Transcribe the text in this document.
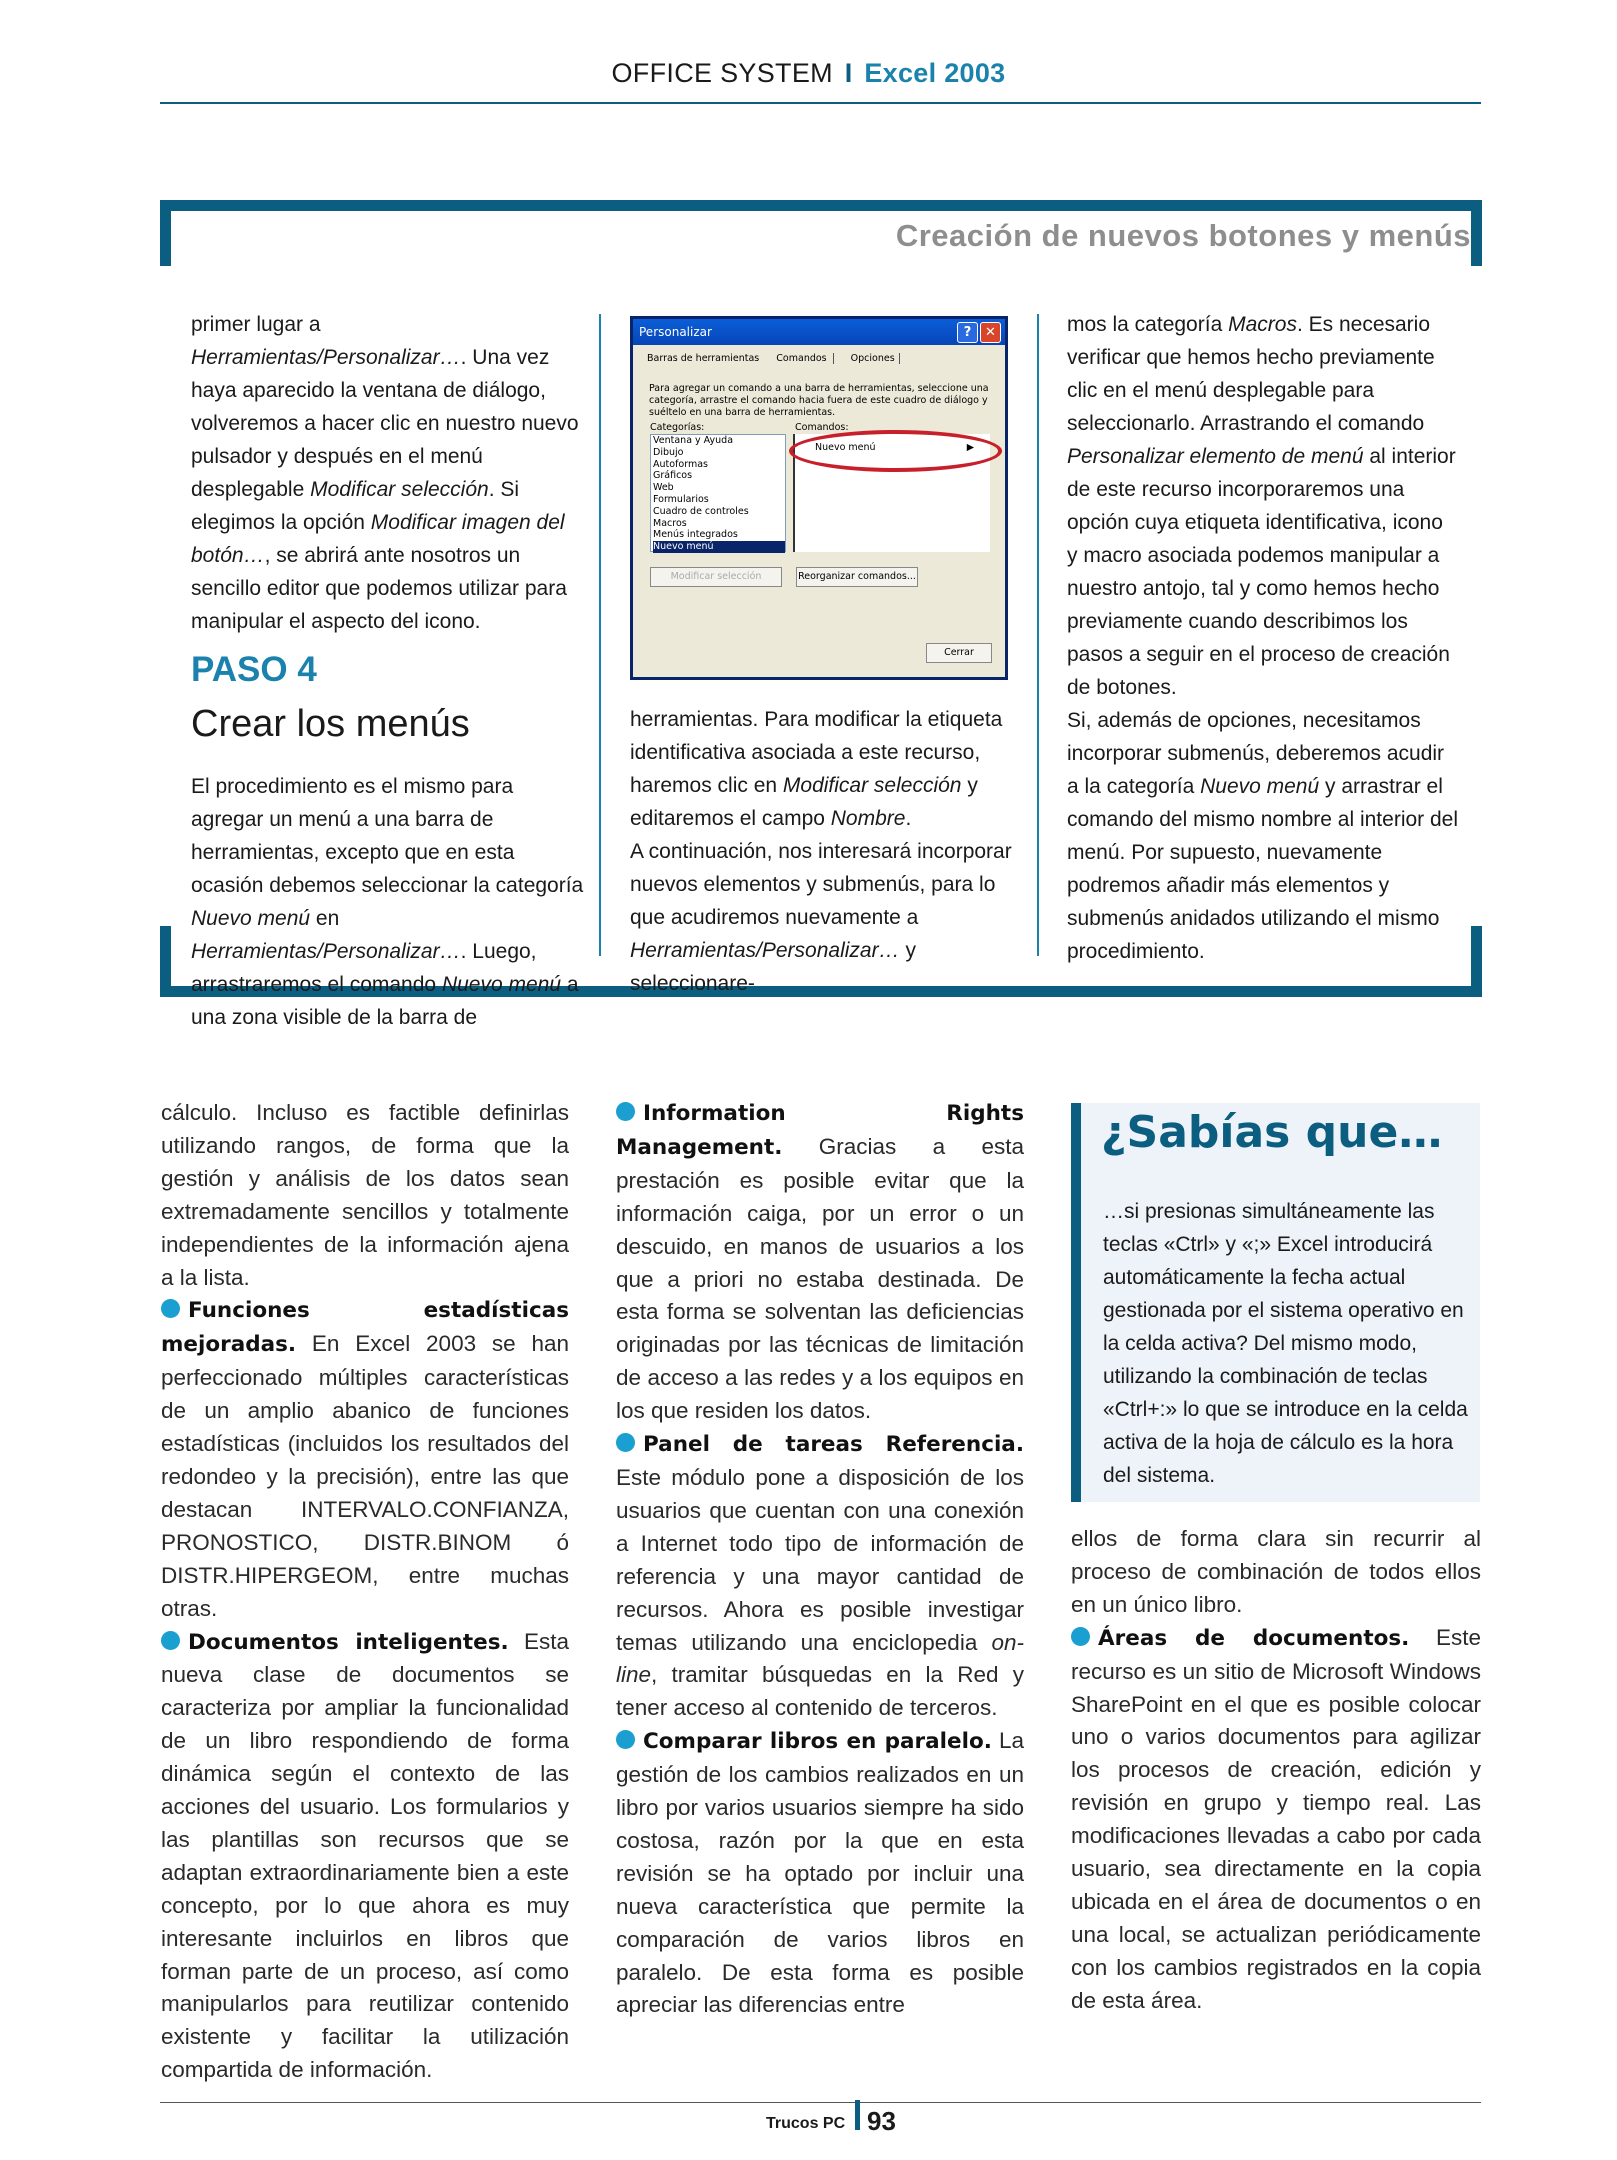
OFFICE SYSTEM I Excel 2003
Creación de nuevos botones y menús

primer lugar a Herramientas/Personalizar…. Una vez haya aparecido la ventana de diálogo, volveremos a hacer clic en nuestro nuevo pulsador y después en el menú desplegable Modificar selección. Si elegimos la opción Modificar imagen del botón…, se abrirá ante nosotros un sencillo editor que podemos utilizar para manipular el aspecto del icono.

PASO 4
Crear los menús

El procedimiento es el mismo para agregar un menú a una barra de herramientas, excepto que en esta ocasión debemos seleccionar la categoría Nuevo menú en Herramientas/Personalizar…. Luego, arrastraremos el comando Nuevo menú a una zona visible de la barra de

Personalizar	?	✕
Barras de herramientas Comandos	Opciones
Para agregar un comando a una barra de herramientas, seleccione una categoría, arrastre el comando hacia fuera de este cuadro de diálogo y suéltelo en una barra de herramientas.
Categorías:	Comandos:
Ventana y Ayuda
Dibujo
Autoformas
Gráficos
Web
Formularios
Cuadro de controles
Macros
Menús integrados
Nuevo menú
Nuevo menú	▶
Modificar selección	Reorganizar comandos...
Cerrar

herramientas. Para modificar la etiqueta identificativa asociada a este recurso, haremos clic en Modificar selección y editaremos el campo Nombre.

A continuación, nos interesará incorporar nuevos elementos y submenús, para lo que acudiremos nuevamente a Herramientas/Personalizar… y seleccionare-

mos la categoría Macros. Es necesario verificar que hemos hecho previamente clic en el menú desplegable para seleccionarlo. Arrastrando el comando Personalizar elemento de menú al interior de este recurso incorporaremos una opción cuya etiqueta identificativa, icono y macro asociada podemos manipular a nuestro antojo, tal y como hemos hecho previamente cuando describimos los pasos a seguir en el proceso de creación de botones.

Si, además de opciones, necesitamos incorporar submenús, deberemos acudir a la categoría Nuevo menú y arrastrar el comando del mismo nombre al interior del menú. Por supuesto, nuevamente podremos añadir más elementos y submenús anidados utilizando el mismo procedimiento.

cálculo. Incluso es factible definirlas utilizando rangos, de forma que la gestión y análisis de los datos sean extremadamente sencillos y totalmente independientes de la información ajena a la lista.

Funciones estadísticas mejoradas. En Excel 2003 se han perfeccionado múltiples características de un amplio abanico de funciones estadísticas (incluidos los resultados del redondeo y la precisión), entre las que destacan INTERVALO.CONFIANZA, PRONOSTICO, DISTR.BINOM ó DISTR.HIPERGEOM, entre muchas otras.

Documentos inteligentes. Esta nueva clase de documentos se caracteriza por ampliar la funcionalidad de un libro respondiendo de forma dinámica según el contexto de las acciones del usuario. Los formularios y las plantillas son recursos que se adaptan extraordinariamente bien a este concepto, por lo que ahora es muy interesante incluirlos en libros que forman parte de un proceso, así como manipularlos para reutilizar contenido existente y facilitar la utilización compartida de información.

Information Rights Management. Gracias a esta prestación es posible evitar que la información caiga, por un error o un descuido, en manos de usuarios a los que a priori no estaba destinada. De esta forma se solventan las deficiencias originadas por las técnicas de limitación de acceso a las redes y a los equipos en los que residen los datos.

Panel de tareas Referencia. Este módulo pone a disposición de los usuarios que cuentan con una conexión a Internet todo tipo de información de referencia y una mayor cantidad de recursos. Ahora es posible investigar temas utilizando una enciclopedia on-line, tramitar búsquedas en la Red y tener acceso al contenido de terceros.

Comparar libros en paralelo. La gestión de los cambios realizados en un libro por varios usuarios siempre ha sido costosa, razón por la que en esta revisión se ha optado por incluir una nueva característica que permite la comparación de varios libros en paralelo. De esta forma es posible apreciar las diferencias entre

¿Sabías que…
…si presionas simultáneamente las teclas «Ctrl» y «;» Excel introducirá automáticamente la fecha actual gestionada por el sistema operativo en la celda activa? Del mismo modo, utilizando la combinación de teclas «Ctrl+:» lo que se introduce en la celda activa de la hoja de cálculo es la hora del sistema.

ellos de forma clara sin recurrir al proceso de combinación de todos ellos en un único libro.

Áreas de documentos. Este recurso es un sitio de Microsoft Windows SharePoint en el que es posible colocar uno o varios documentos para agilizar los procesos de creación, edición y revisión en grupo y tiempo real. Las modificaciones llevadas a cabo por cada usuario, sea directamente en la copia ubicada en el área de documentos o en una local, se actualizan periódicamente con los cambios registrados en la copia de esta área.

Trucos PC 93
